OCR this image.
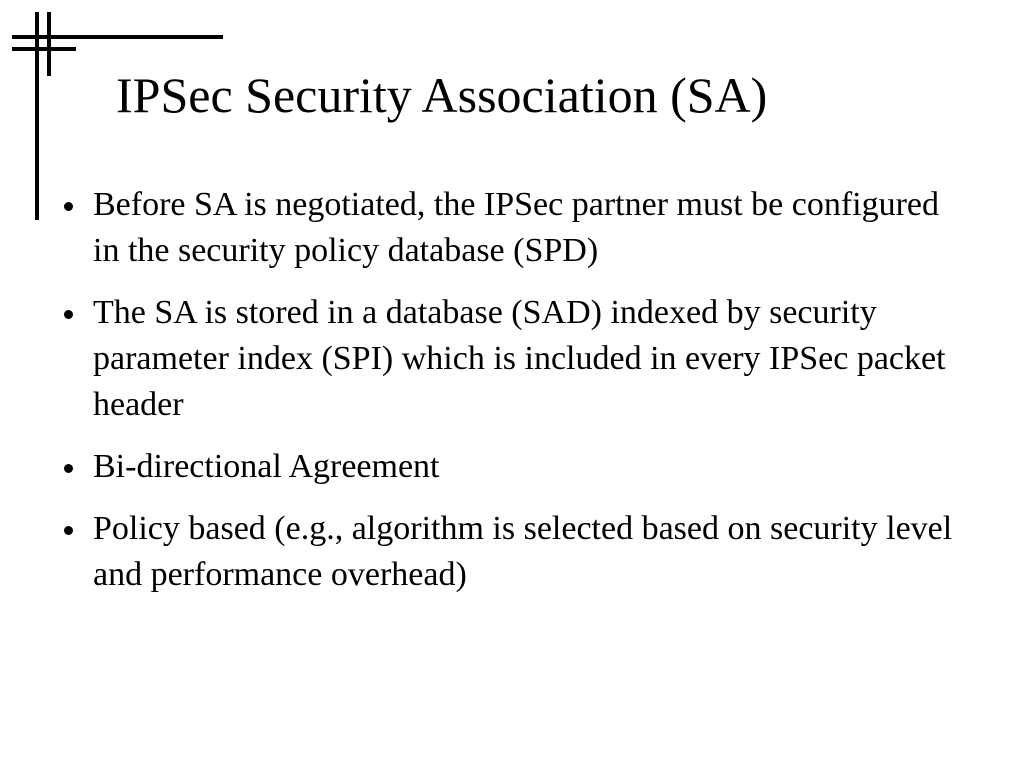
IPSec Security Association (SA)
Before SA is negotiated, the IPSec partner must be configured in the security policy database (SPD)
The SA is stored in a database (SAD) indexed by security parameter index (SPI) which is included in every IPSec packet header
Bi-directional Agreement
Policy based (e.g., algorithm is selected based on security level and performance overhead)
